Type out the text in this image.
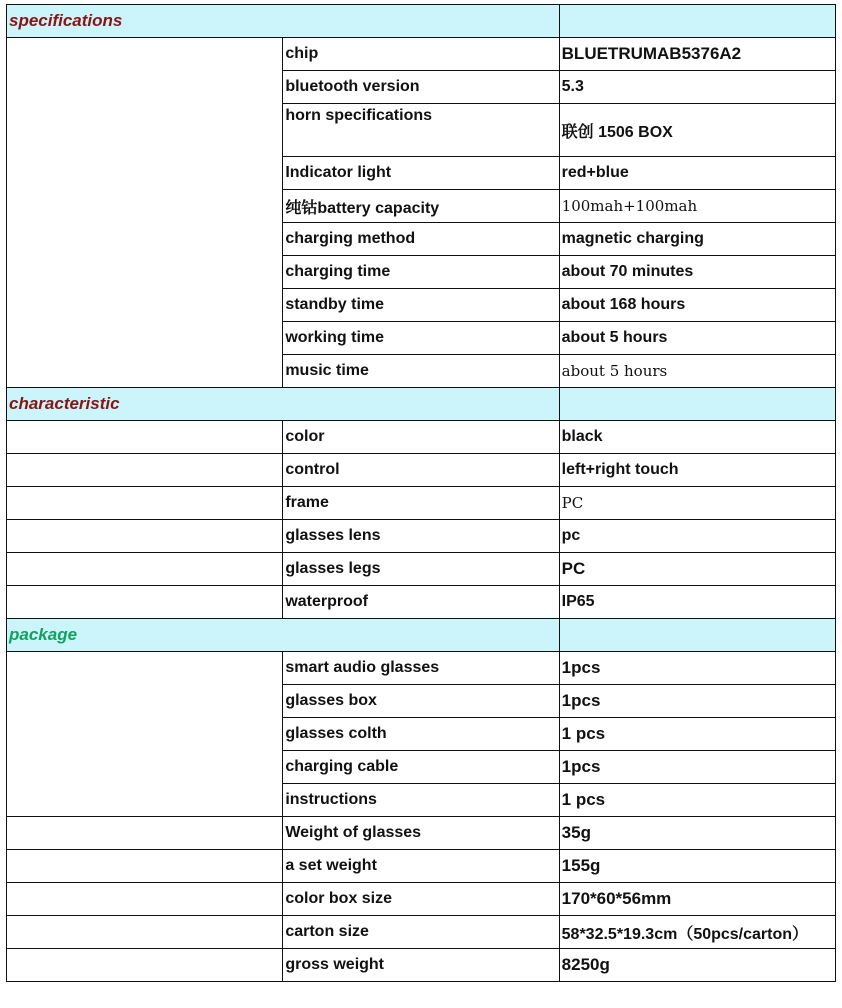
specifications		
	chip	BLUETRUMAB5376A2
	bluetooth version	5.3
	horn specifications	联创 1506 BOX
	Indicator light	red+blue
	纯钴battery capacity	100mah+100mah
	charging method	magnetic charging
	charging time	about 70 minutes
	standby time	about 168 hours
	working time	about 5 hours
	music time	about 5 hours
characteristic		
	color	black
	control	left+right touch
	frame	PC
	glasses lens	pc
	glasses legs	PC
	waterproof	IP65
package		
	smart audio glasses	1pcs
	glasses box	1pcs
	glasses colth	1 pcs
	charging cable	1pcs
	instructions	1 pcs
	Weight of glasses	35g
	a set weight	155g
	color box size	170*60*56mm
	carton size	58*32.5*19.3cm（50pcs/carton）
	gross weight	8250g
